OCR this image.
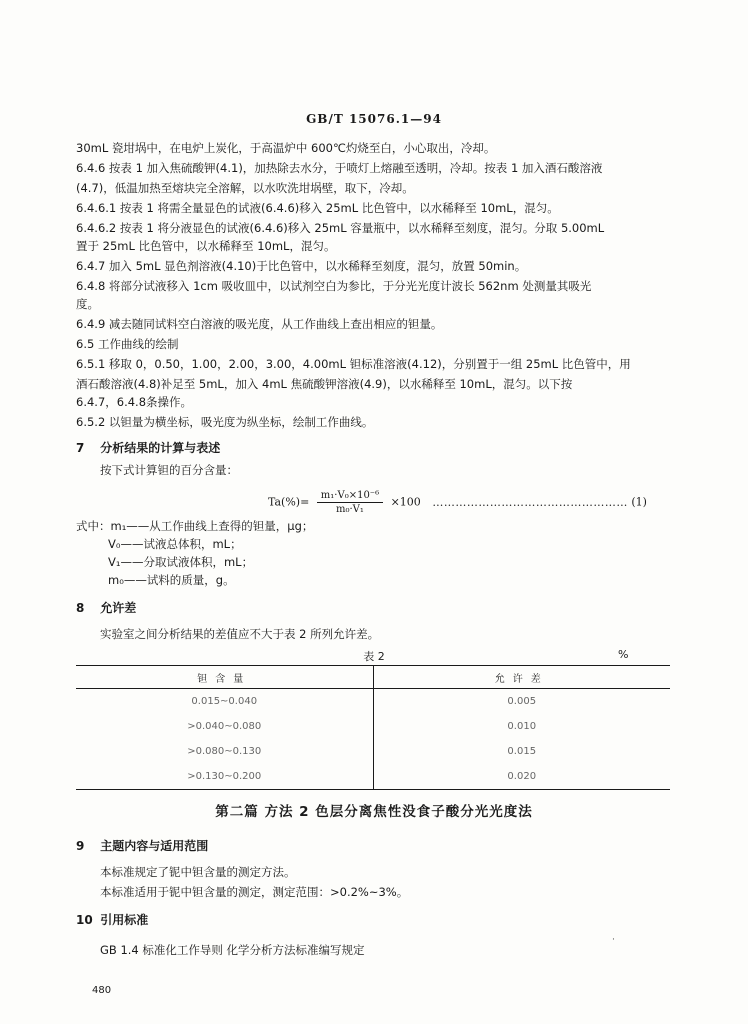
GB/T 15076.1—94
30mL 瓷坩埚中，在电炉上炭化，于高温炉中 600℃灼烧至白，小心取出，冷却。
6.4.6 按表 1 加入焦硫酸钾(4.1)，加热除去水分，于喷灯上熔融至透明，冷却。按表 1 加入酒石酸溶液
(4.7)，低温加热至熔块完全溶解，以水吹洗坩埚壁，取下，冷却。
6.4.6.1 按表 1 将需全量显色的试液(6.4.6)移入 25mL 比色管中，以水稀释至 10mL，混匀。
6.4.6.2 按表 1 将分液显色的试液(6.4.6)移入 25mL 容量瓶中，以水稀释至刻度，混匀。分取 5.00mL
置于 25mL 比色管中，以水稀释至 10mL，混匀。
6.4.7 加入 5mL 显色剂溶液(4.10)于比色管中，以水稀释至刻度，混匀，放置 50min。
6.4.8 将部分试液移入 1cm 吸收皿中，以试剂空白为参比，于分光光度计波长 562nm 处测量其吸光
度。
6.4.9 减去随同试料空白溶液的吸光度，从工作曲线上查出相应的钽量。
6.5 工作曲线的绘制
6.5.1 移取 0，0.50，1.00，2.00，3.00，4.00mL 钽标准溶液(4.12)，分别置于一组 25mL 比色管中，用
酒石酸溶液(4.8)补足至 5mL，加入 4mL 焦硫酸钾溶液(4.9)，以水稀释至 10mL，混匀。以下按
6.4.7，6.4.8条操作。
6.5.2 以钽量为横坐标，吸光度为纵坐标，绘制工作曲线。
7 分析结果的计算与表述
按下式计算钽的百分含量：
$Ta(\%)= \frac{\text{m₁·V₀×10⁻⁶}}{\text{m₀·V₁}} \times 100$ …………………………………………… (1)
式中：m₁——从工作曲线上查得的钽量，μg；
V₀——试液总体积，mL；
V₁——分取试液体积，mL；
m₀——试料的质量，g。
8 允许差
实验室之间分析结果的差值应不大于表 2 所列允许差。
表 2	%
钽含量	允许差
0.015~0.040	0.005
>0.040~0.080	0.010
>0.080~0.130	0.015
>0.130~0.200	0.020
第二篇 方法 2 色层分离焦性没食子酸分光光度法
9 主题内容与适用范围
本标准规定了铌中钽含量的测定方法。
本标准适用于铌中钽含量的测定，测定范围：>0.2%~3%。
10 引用标准
GB 1.4 标准化工作导则 化学分析方法标准编写规定
480
·
